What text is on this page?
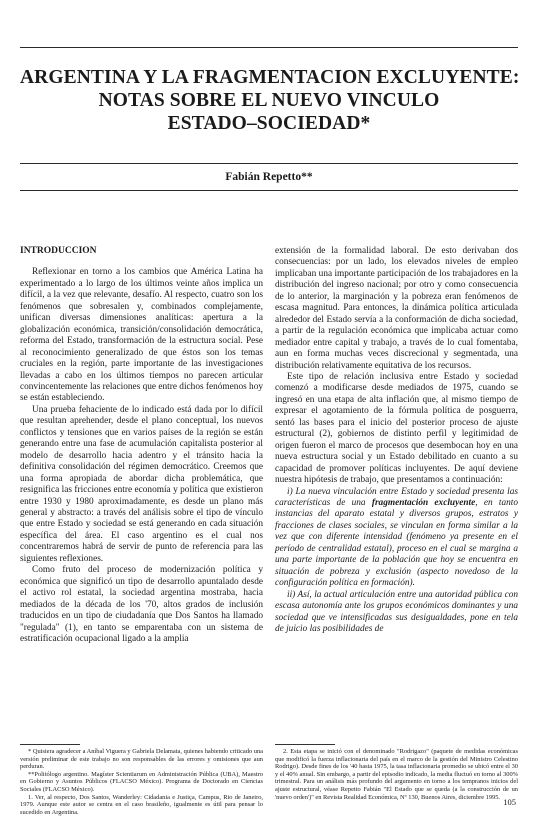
ARGENTINA Y LA FRAGMENTACION EXCLUYENTE:
NOTAS SOBRE EL NUEVO VINCULO
ESTADO–SOCIEDAD*
Fabián Repetto**

INTRODUCCION

Reflexionar en torno a los cambios que América Latina ha experimentado a lo largo de los últimos veinte años implica un difícil, a la vez que relevante, desafío. Al respecto, cuatro son los fenómenos que sobresalen y, combinados complejamente, unifican diversas dimensiones analíticas: apertura a la globalización económica, transición/consolidación democrática, reforma del Estado, transformación de la estructura social. Pese al reconocimiento generalizado de que éstos son los temas cruciales en la región, parte importante de las investigaciones llevadas a cabo en los últimos tiempos no parecen articular convincentemente las relaciones que entre dichos fenómenos hoy se están estableciendo.

Una prueba fehaciente de lo indicado está dada por lo difícil que resultan aprehender, desde el plano conceptual, los nuevos conflictos y tensiones que en varios países de la región se están generando entre una fase de acumulación capitalista posterior al modelo de desarrollo hacia adentro y el tránsito hacia la definitiva consolidación del régimen democrático. Creemos que una forma apropiada de abordar dicha problemática, que resignifica las fricciones entre economía y política que existieron entre 1930 y 1980 aproximadamente, es desde un plano más general y abstracto: a través del análisis sobre el tipo de vínculo que entre Estado y sociedad se está generando en cada situación específica del área. El caso argentino es el cual nos concentraremos habrá de servir de punto de referencia para las siguientes reflexiones.

Como fruto del proceso de modernización política y económica que significó un tipo de desarrollo apuntalado desde el activo rol estatal, la sociedad argentina mostraba, hacia mediados de la década de los '70, altos grados de inclusión traducidos en un tipo de ciudadanía que Dos Santos ha llamado "regulada" (1), en tanto se emparentaba con un sistema de estratificación ocupacional ligado a la amplia

extensión de la formalidad laboral. De esto derivaban dos consecuencias: por un lado, los elevados niveles de empleo implicaban una importante participación de los trabajadores en la distribución del ingreso nacional; por otro y como consecuencia de lo anterior, la marginación y la pobreza eran fenómenos de escasa magnitud. Para entonces, la dinámica política articulada alrededor del Estado servía a la conformación de dicha sociedad, a partir de la regulación económica que implicaba actuar como mediador entre capital y trabajo, a través de lo cual fomentaba, aun en forma muchas veces discrecional y segmentada, una distribución relativamente equitativa de los recursos.

Este tipo de relación inclusiva entre Estado y sociedad comenzó a modificarse desde mediados de 1975, cuando se ingresó en una etapa de alta inflación que, al mismo tiempo de expresar el agotamiento de la fórmula política de posguerra, sentó las bases para el inicio del posterior proceso de ajuste estructural (2), gobiernos de distinto perfil y legitimidad de origen fueron el marco de procesos que desembocan hoy en una nueva estructura social y un Estado debilitado en cuanto a su capacidad de promover políticas incluyentes. De aquí deviene nuestra hipótesis de trabajo, que presentamos a continuación:

i) La nueva vinculación entre Estado y sociedad presenta las características de una fragmentación excluyente, en tanto instancias del aparato estatal y diversos grupos, estratos y fracciones de clases sociales, se vinculan en forma similar a la vez que con diferente intensidad (fenómeno ya presente en el período de centralidad estatal), proceso en el cual se margina a una parte importante de la población que hoy se encuentra en situación de pobreza y exclusión (aspecto novedoso de la configuración política en formación).

ii) Así, la actual articulación entre una autoridad pública con escasa autonomía ante los grupos económicos dominantes y una sociedad que ve intensificadas sus desigualdades, pone en tela de juicio las posibilidades de

* Quisiera agradecer a Aníbal Viguera y Gabriela Delamata, quienes habiendo criticado una versión preliminar de este trabajo no son responsables de las errores y omisiones que aun perduran.

**Politólogo argentino. Magíster Scientiarum en Administración Pública (UBA), Maestro en Gobierno y Asuntos Públicos (FLACSO México). Programa de Doctorado en Ciencias Sociales (FLACSO México).

1. Ver, al respecto, Dos Santos, Wanderley: Cidadania e Justiça, Campus, Rio de Janeiro, 1979. Aunque este autor se centra en el caso brasileño, igualmente es útil para pensar lo sucedido en Argentina.

2. Esta etapa se inició con el denominado "Rodrigazo" (paquete de medidas económicas que modificó la fuerza inflacionaria del país en el marco de la gestión del Ministro Celestino Rodrigo). Desde fines de los '40 hasta 1975, la tasa inflacionaria promedio se ubicó entre el 30 y el 40% anual. Sin embargo, a partir del episodio indicado, la media fluctuó en torno al 300% trimestral. Para un análisis más profundo del argumento en torno a los tempranos inicios del ajuste estructural, véase Repetto Fabián "El Estado que se queda (a la construcción de un 'nuevo orden')" en Revista Realidad Económica, Nº 130, Buenos Aires, diciembre 1995. 105
